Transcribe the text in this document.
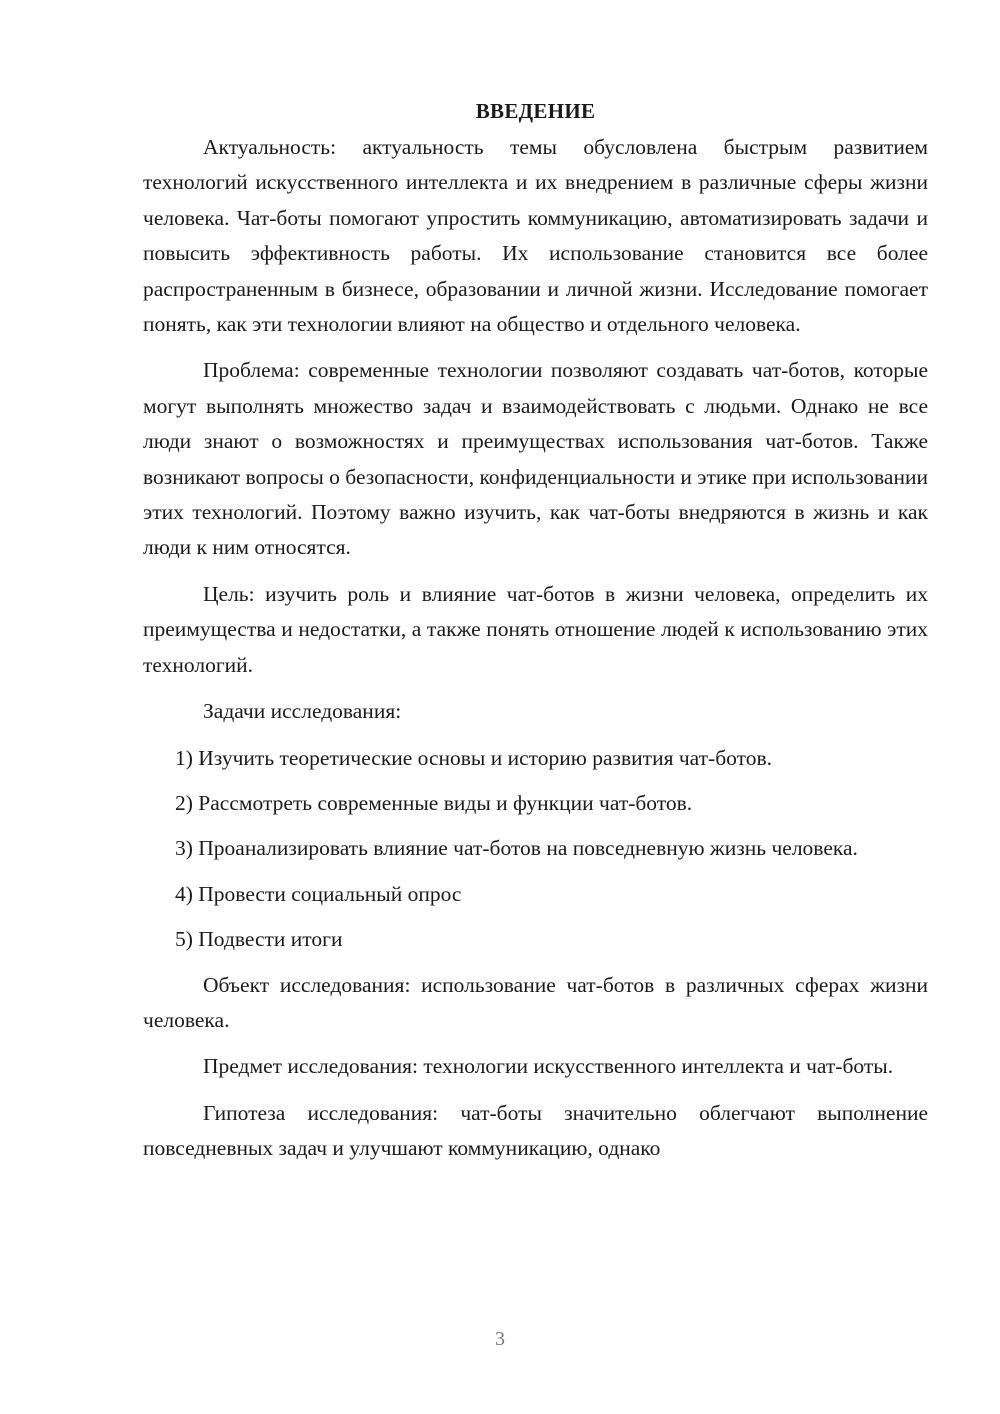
ВВЕДЕНИЕ

Актуальность: актуальность темы обусловлена быстрым развитием технологий искусственного интеллекта и их внедрением в различные сферы жизни человека. Чат-боты помогают упростить коммуникацию, автоматизировать задачи и повысить эффективность работы. Их использование становится все более распространенным в бизнесе, образовании и личной жизни. Исследование помогает понять, как эти технологии влияют на общество и отдельного человека.

Проблема: современные технологии позволяют создавать чат-ботов, которые могут выполнять множество задач и взаимодействовать с людьми. Однако не все люди знают о возможностях и преимуществах использования чат-ботов. Также возникают вопросы о безопасности, конфиденциальности и этике при использовании этих технологий. Поэтому важно изучить, как чат-боты внедряются в жизнь и как люди к ним относятся.

Цель: изучить роль и влияние чат-ботов в жизни человека, определить их преимущества и недостатки, а также понять отношение людей к использованию этих технологий.

Задачи исследования:

1) Изучить теоретические основы и историю развития чат-ботов.

2) Рассмотреть современные виды и функции чат-ботов.

3) Проанализировать влияние чат-ботов на повседневную жизнь человека.

4) Провести социальный опрос

5) Подвести итоги

Объект исследования: использование чат-ботов в различных сферах жизни человека.

Предмет исследования: технологии искусственного интеллекта и чат-боты.

Гипотеза исследования: чат-боты значительно облегчают выполнение повседневных задач и улучшают коммуникацию, однако

3
